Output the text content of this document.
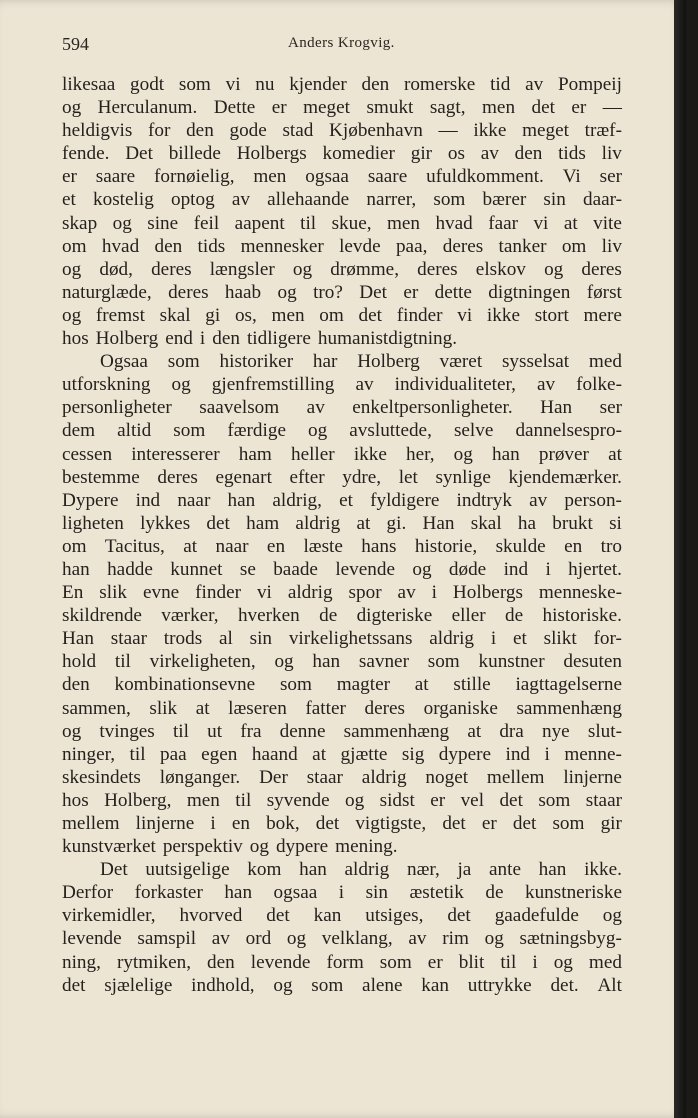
594	Anders Krogvig.
likesaa godt som vi nu kjender den romerske tid av Pompeij
og Herculanum. Dette er meget smukt sagt, men det er —
heldigvis for den gode stad Kjøbenhavn — ikke meget træf-
fende. Det billede Holbergs komedier gir os av den tids liv
er saare fornøielig, men ogsaa saare ufuldkomment. Vi ser
et kostelig optog av allehaande narrer, som bærer sin daar-
skap og sine feil aapent til skue, men hvad faar vi at vite
om hvad den tids mennesker levde paa, deres tanker om liv
og død, deres længsler og drømme, deres elskov og deres
naturglæde, deres haab og tro? Det er dette digtningen først
og fremst skal gi os, men om det finder vi ikke stort mere
hos Holberg end i den tidligere humanistdigtning.
Ogsaa som historiker har Holberg været sysselsat med
utforskning og gjenfremstilling av individualiteter, av folke-
personligheter saavelsom av enkeltpersonligheter. Han ser
dem altid som færdige og avsluttede, selve dannelsespro-
cessen interesserer ham heller ikke her, og han prøver at
bestemme deres egenart efter ydre, let synlige kjendemærker.
Dypere ind naar han aldrig, et fyldigere indtryk av person-
ligheten lykkes det ham aldrig at gi. Han skal ha brukt si
om Tacitus, at naar en læste hans historie, skulde en tro
han hadde kunnet se baade levende og døde ind i hjertet.
En slik evne finder vi aldrig spor av i Holbergs menneske-
skildrende værker, hverken de digteriske eller de historiske.
Han staar trods al sin virkelighetssans aldrig i et slikt for-
hold til virkeligheten, og han savner som kunstner desuten
den kombinationsevne som magter at stille iagttagelserne
sammen, slik at læseren fatter deres organiske sammenhæng
og tvinges til ut fra denne sammenhæng at dra nye slut-
ninger, til paa egen haand at gjætte sig dypere ind i menne-
skesindets lønganger. Der staar aldrig noget mellem linjerne
hos Holberg, men til syvende og sidst er vel det som staar
mellem linjerne i en bok, det vigtigste, det er det som gir
kunstværket perspektiv og dypere mening.
Det uutsigelige kom han aldrig nær, ja ante han ikke.
Derfor forkaster han ogsaa i sin æstetik de kunstneriske
virkemidler, hvorved det kan utsiges, det gaadefulde og
levende samspil av ord og velklang, av rim og sætningsbyg-
ning, rytmiken, den levende form som er blit til i og med
det sjælelige indhold, og som alene kan uttrykke det. Alt
